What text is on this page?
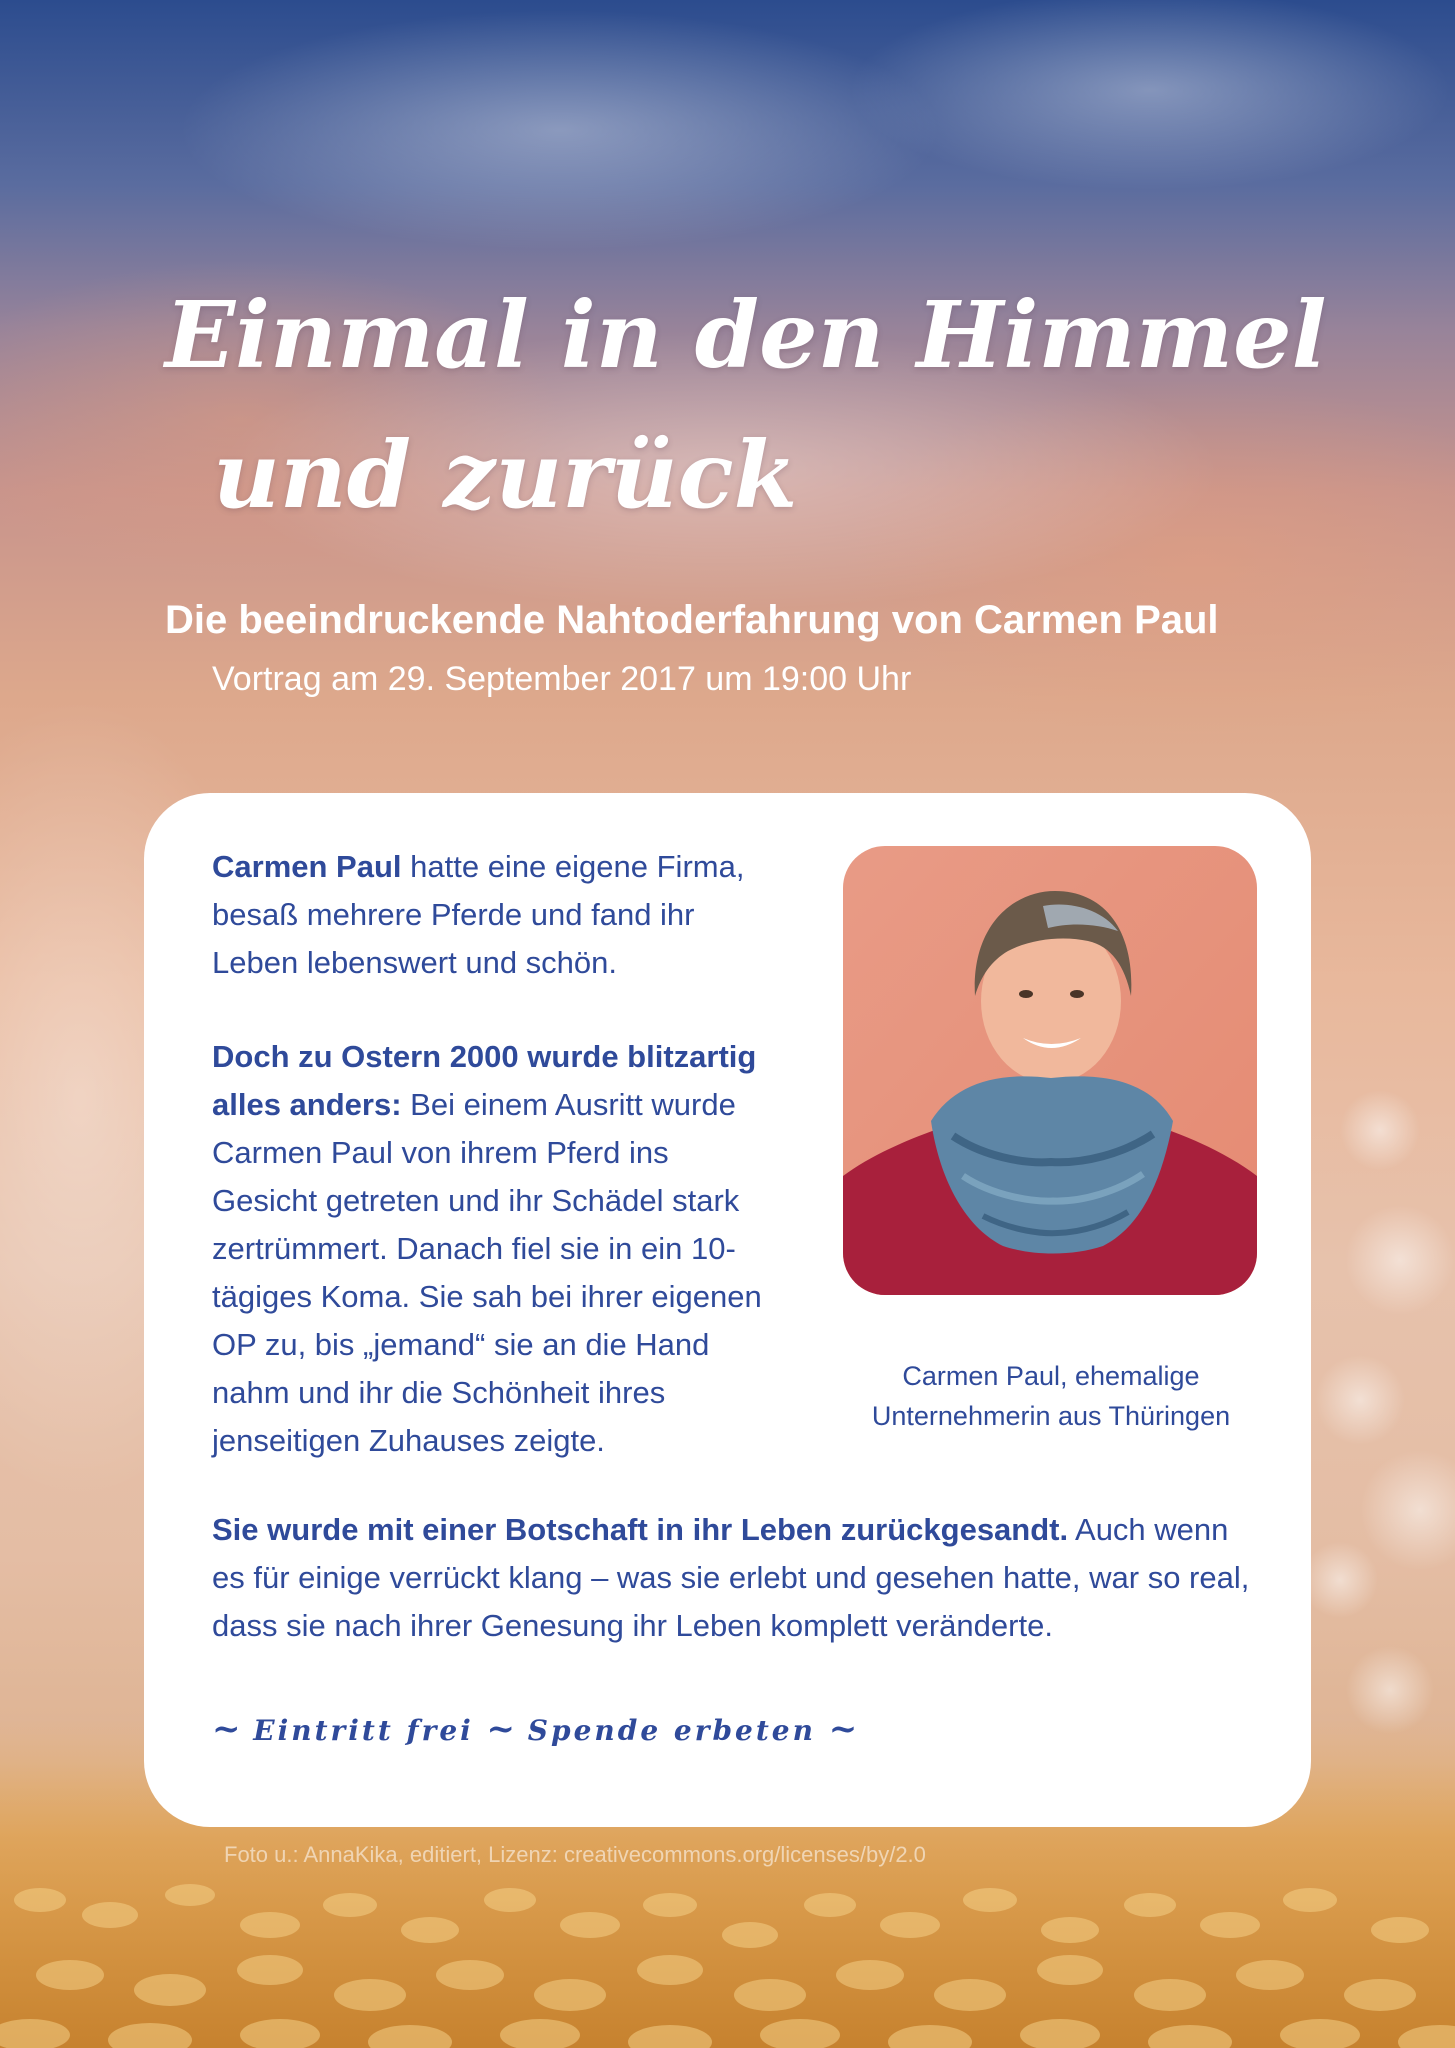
Einmal in den Himmel
und zurück
Die beeindruckende Nahtoderfahrung von Carmen Paul
Vortrag am 29. September 2017 um 19:00 Uhr

Carmen Paul hatte eine eigene Firma, besaß mehrere Pferde und fand ihr Leben lebenswert und schön.

Doch zu Ostern 2000 wurde blitzartig alles anders: Bei einem Ausritt wurde Carmen Paul von ihrem Pferd ins Gesicht getreten und ihr Schädel stark zertrümmert. Danach fiel sie in ein 10-tägiges Koma. Sie sah bei ihrer eigenen OP zu, bis „jemand“ sie an die Hand nahm und ihr die Schönheit ihres jenseitigen Zuhauses zeigte.

Carmen Paul, ehemalige
Unternehmerin aus Thüringen

Sie wurde mit einer Botschaft in ihr Leben zurückgesandt. Auch wenn es für einige verrückt klang – was sie erlebt und gesehen hatte, war so real, dass sie nach ihrer Genesung ihr Leben komplett veränderte.

~ Eintritt frei ~ Spende erbeten ~
Foto u.: AnnaKika, editiert, Lizenz: creativecommons.org/licenses/by/2.0
